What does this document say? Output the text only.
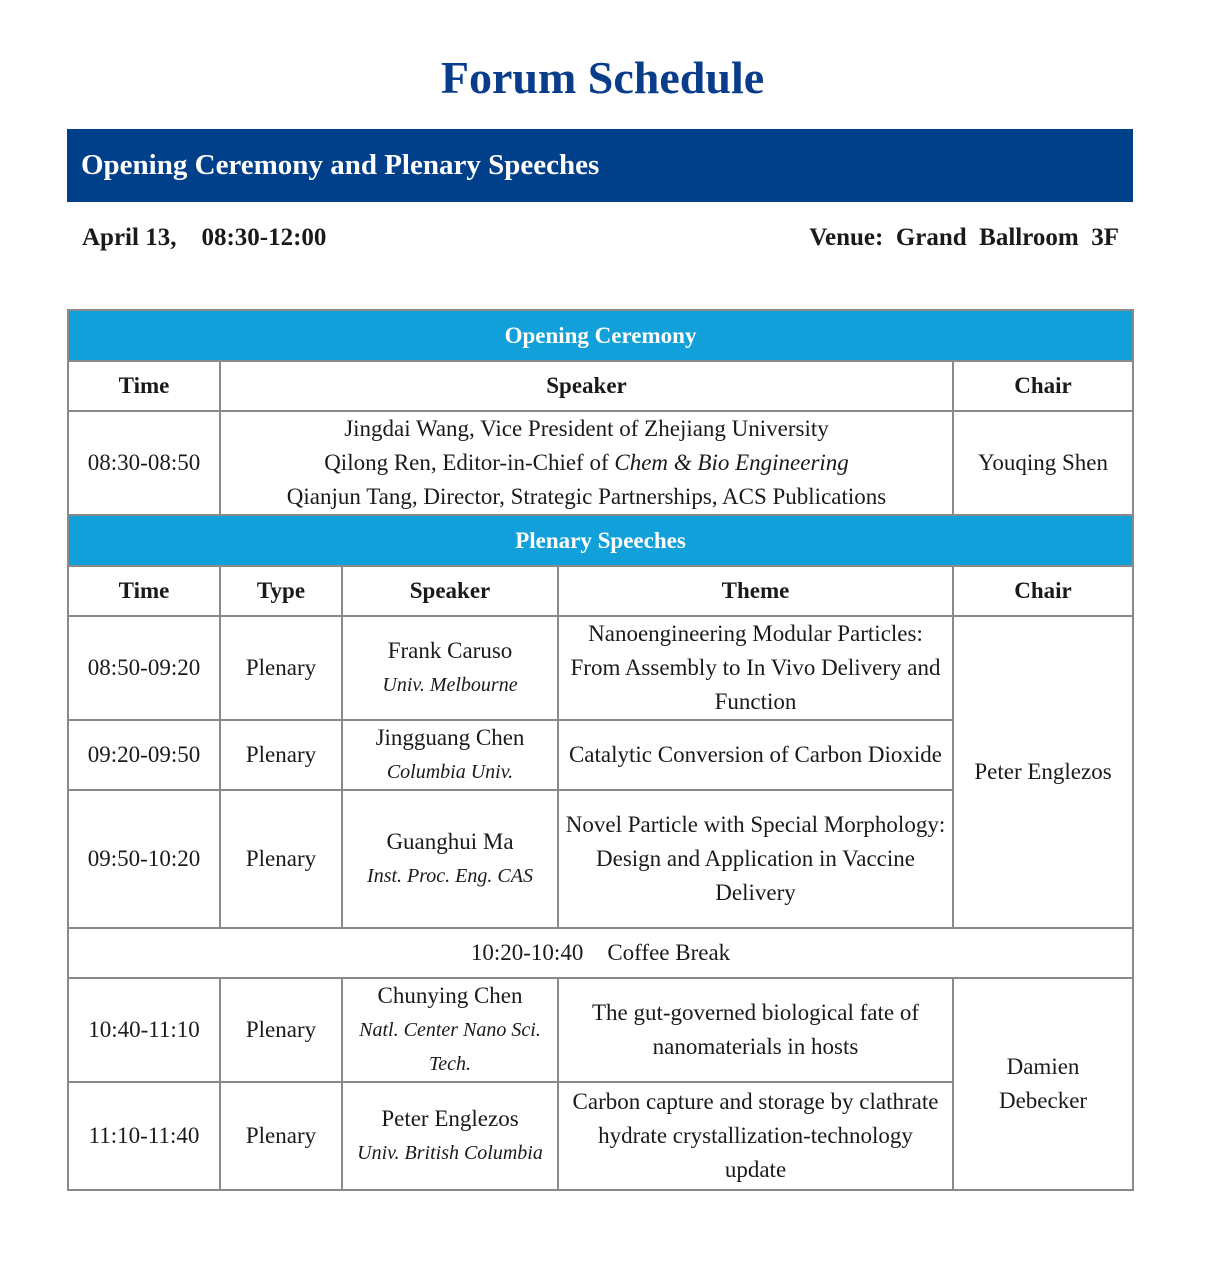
Forum Schedule
Opening Ceremony and Plenary Speeches
April 13,    08:30-12:00	Venue:  Grand  Ballroom  3F
Opening Ceremony				
Time	Speaker			Chair
08:30-08:50	Jingdai Wang, Vice President of Zhejiang University
Qilong Ren, Editor-in-Chief of Chem & Bio Engineering
Qianjun Tang, Director, Strategic Partnerships, ACS Publications			Youqing Shen
Plenary Speeches				
Time	Type	Speaker	Theme	Chair
08:50-09:20	Plenary	Frank Caruso
Univ. Melbourne	Nanoengineering Modular Particles: From Assembly to In Vivo Delivery and Function	Peter Englezos
09:20-09:50	Plenary	Jingguang Chen
Columbia Univ.	Catalytic Conversion of Carbon Dioxide	
09:50-10:20	Plenary	Guanghui Ma
Inst. Proc. Eng. CAS	Novel Particle with Special Morphology:
Design and Application in Vaccine Delivery	

10:20-10:40 Coffee Break				
10:40-11:10	Plenary	Chunying Chen
Natl. Center Nano Sci. Tech.	The gut-governed biological fate of nanomaterials in hosts	Damien Debecker
11:10-11:40	Plenary	Peter Englezos
Univ. British Columbia	Carbon capture and storage by clathrate hydrate crystallization-technology update	
